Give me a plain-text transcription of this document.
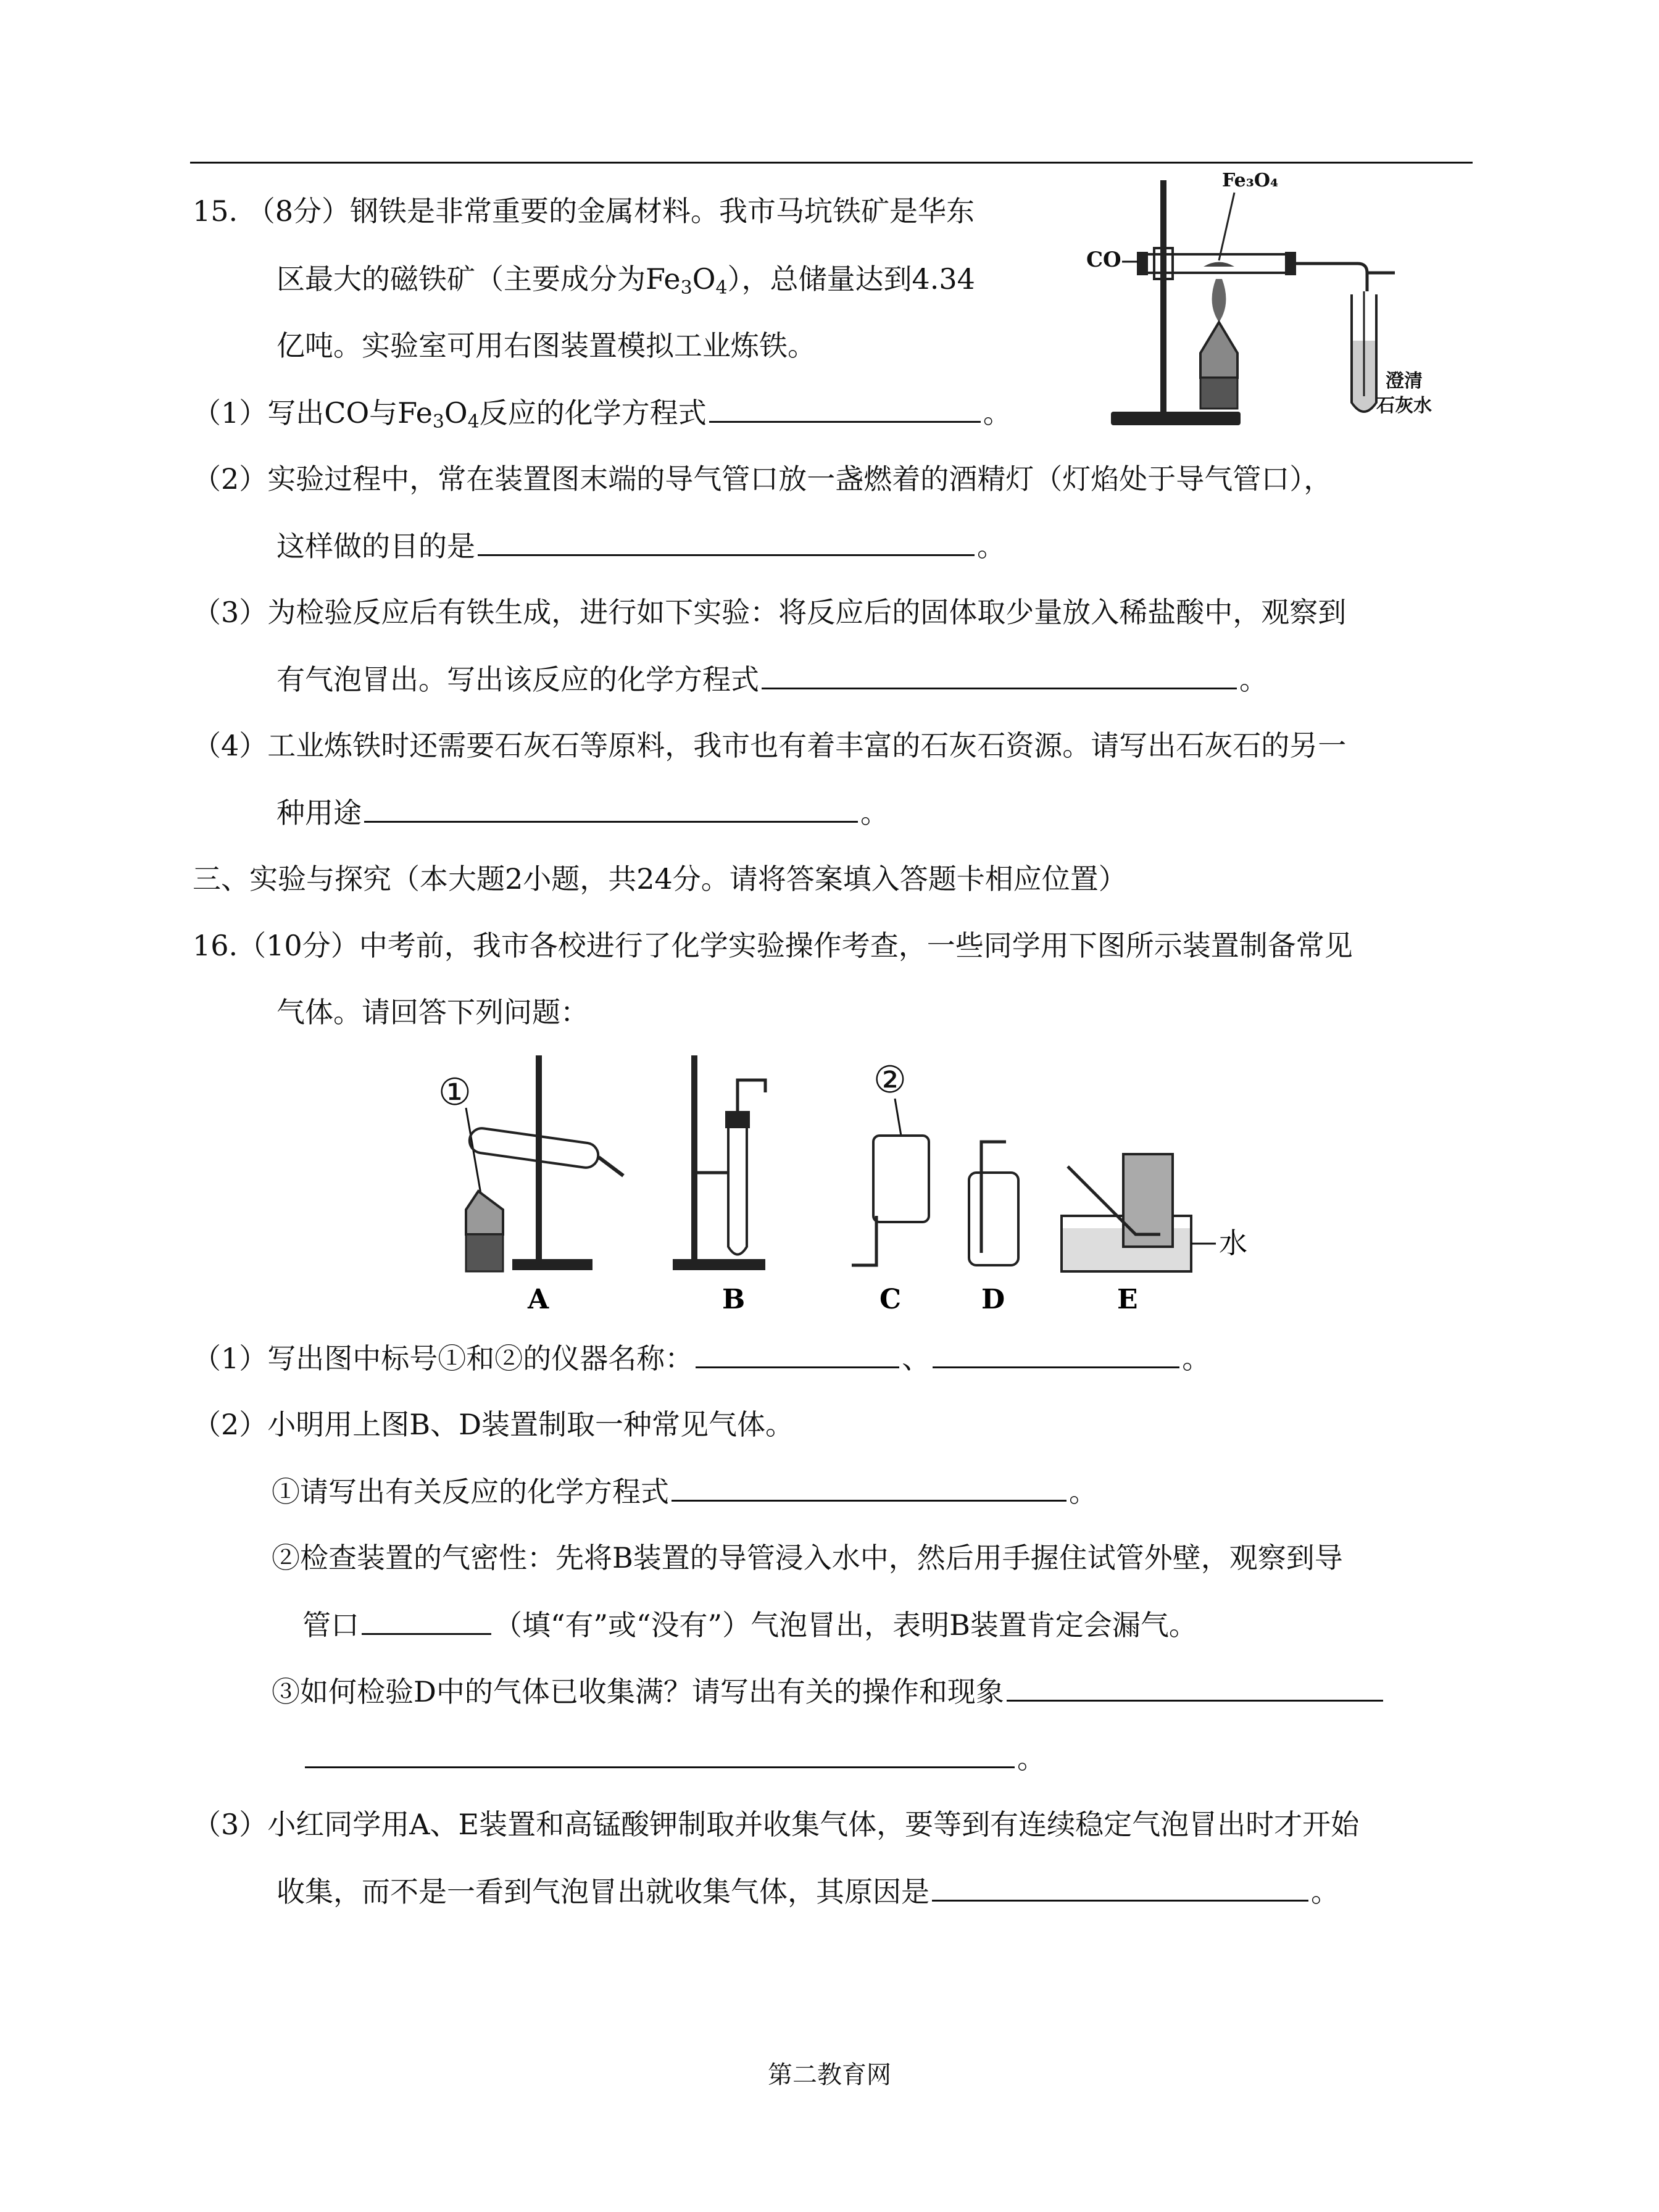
15. （8分）钢铁是非常重要的金属材料。我市马坑铁矿是华东
区最大的磁铁矿（主要成分为$Fe_3O_4$），总储量达到4.34
亿吨。实验室可用右图装置模拟工业炼铁。
（1）写出CO与$Fe_3O_4$反应的化学方程式	。
（2）实验过程中，常在装置图末端的导气管口放一盏燃着的酒精灯（灯焰处于导气管口），
这样做的目的是	。
（3）为检验反应后有铁生成，进行如下实验：将反应后的固体取少量放入稀盐酸中，观察到
有气泡冒出。写出该反应的化学方程式	。
（4）工业炼铁时还需要石灰石等原料，我市也有着丰富的石灰石资源。请写出石灰石的另一
种用途	。
Fe₃O₄
CO
澄清
石灰水
三、实验与探究（本大题2小题，共24分。请将答案填入答题卡相应位置）
16.（10分）中考前，我市各校进行了化学实验操作考查，一些同学用下图所示装置制备常见
气体。请回答下列问题：
①
A	B
②
C	D
水
E
（1）写出图中标号①和②的仪器名称：	、	。
（2）小明用上图B、D装置制取一种常见气体。
①请写出有关反应的化学方程式	。
②检查装置的气密性：先将B装置的导管浸入水中，然后用手握住试管外壁，观察到导
管口	（填“有”或“没有”）气泡冒出，表明B装置肯定会漏气。
③如何检验D中的气体已收集满？请写出有关的操作和现象
。
（3）小红同学用A、E装置和高锰酸钾制取并收集气体，要等到有连续稳定气泡冒出时才开始
收集，而不是一看到气泡冒出就收集气体，其原因是	。
第二教育网
